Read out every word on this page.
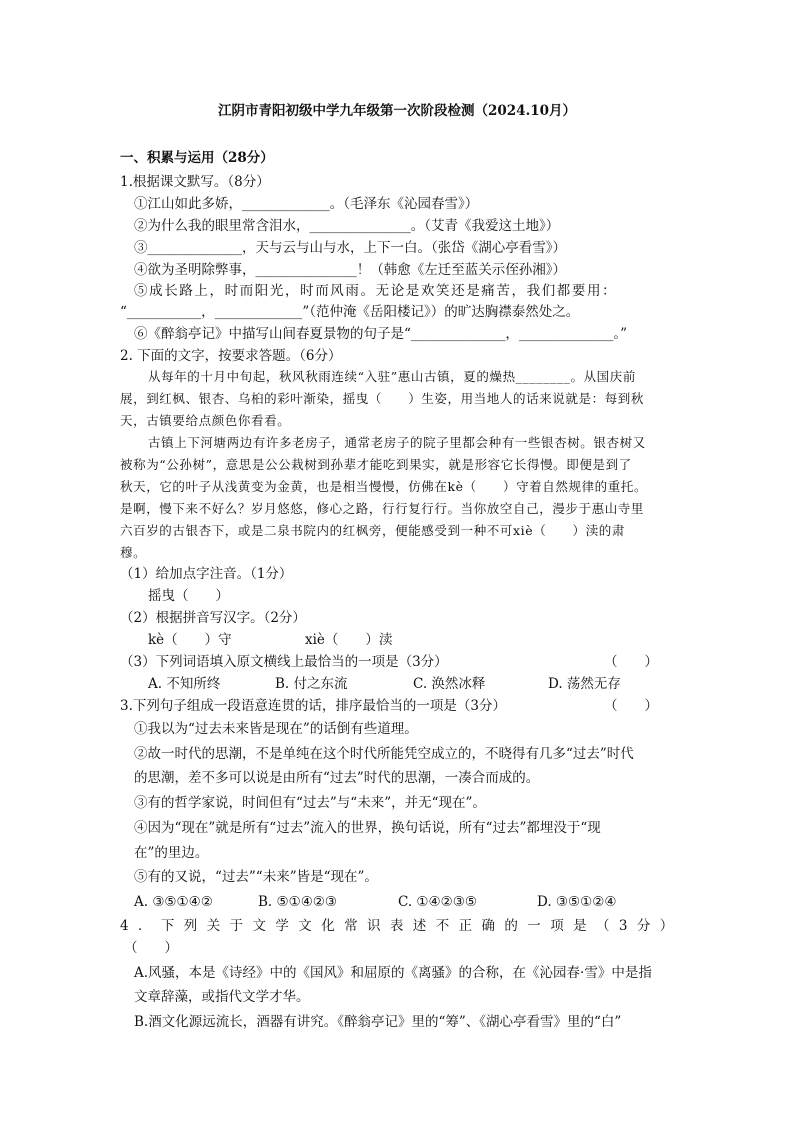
江阴市青阳初级中学九年级第一次阶段检测（2024.10月）
一、积累与运用（28分）
1.根据课文默写。（8分）
①江山如此多娇，_____________。（毛泽东《沁园春雪》）
②为什么我的眼里常含泪水，_______________。（艾青《我爱这土地》）
③______________，天与云与山与水，上下一白。（张岱《湖心亭看雪》）
④欲为圣明除弊事，_______________！（韩愈《左迁至蓝关示侄孙湘》）
⑤成长路上，时而阳光，时而风雨。无论是欢笑还是痛苦，我们都要用：
“___________，_____________”（范仲淹《岳阳楼记》）的旷达胸襟泰然处之。
⑥《醉翁亭记》中描写山间春夏景物的句子是“______________，______________。”
2. 下面的文字，按要求答题。（6分）
从每年的十月中旬起，秋风秋雨连续“入驻”惠山古镇，夏的燥热________。从国庆前
展，到红枫、银杏、乌桕的彩叶渐染，摇曳（　　）生姿，用当地人的话来说就是：每到秋
天，古镇要给点颜色你看看。
古镇上下河塘两边有许多老房子，通常老房子的院子里都会种有一些银杏树。银杏树又
被称为“公孙树”，意思是公公栽树到孙辈才能吃到果实，就是形容它长得慢。即便是到了
秋天，它的叶子从浅黄变为金黄，也是相当慢慢，仿佛在kè（　　）守着自然规律的重托。
是啊，慢下来不好么？岁月悠悠，修心之路，行行复行行。当你放空自己，漫步于惠山寺里
六百岁的古银杏下，或是二泉书院内的红枫旁，便能感受到一种不可xiè（　　）渎的肃
穆。
（1）给加点字注音。（1分）
摇曳（　　）
（2）根据拼音写汉字。（2分）
kè（　　）守	xiè（　　）渎
（3）下列词语填入原文横线上最恰当的一项是（3分）	（　　）
A. 不知所终	B. 付之东流	C. 涣然冰释	D. 荡然无存
3.下列句子组成一段语意连贯的话，排序最恰当的一项是（3分）	（　　）
①我以为“过去未来皆是现在”的话倒有些道理。
②故一时代的思潮，不是单纯在这个时代所能凭空成立的，不晓得有几多“过去”时代
的思潮，差不多可以说是由所有“过去”时代的思潮，一凑合而成的。
③有的哲学家说，时间但有“过去”与“未来”，并无“现在”。
④因为“现在”就是所有“过去”流入的世界，换句话说，所有“过去”都埋没于“现
在”的里边。
⑤有的又说，“过去”“未来”皆是“现在”。
A. ③⑤①④②	B. ⑤①④②③	C. ①④②③⑤	D. ③⑤①②④
4．下列关于文学文化常识表述不正确的一项是（3分）
（　　）
A.风骚，本是《诗经》中的《国风》和屈原的《离骚》的合称，在《沁园春·雪》中是指
文章辞藻，或指代文学才华。
B.酒文化源远流长，酒器有讲究。《醉翁亭记》里的“筹”、《湖心亭看雪》里的“白”
